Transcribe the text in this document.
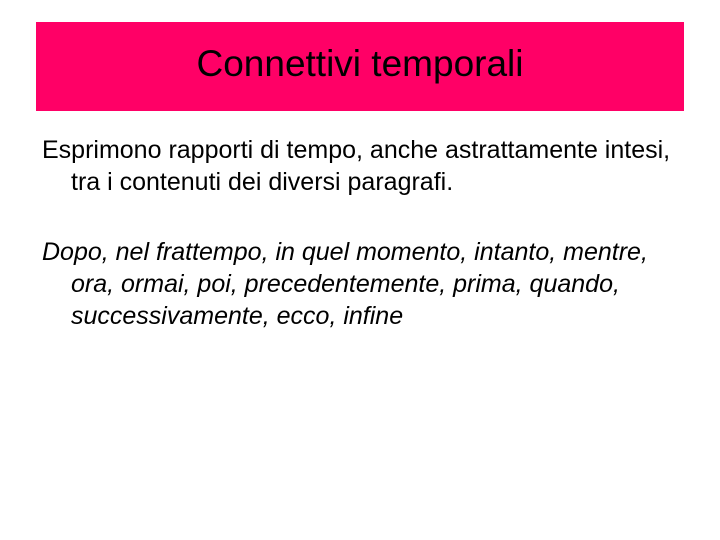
Connettivi temporali

Esprimono rapporti di tempo, anche astrattamente intesi, tra i contenuti dei diversi paragrafi.

Dopo, nel frattempo, in quel momento, intanto, mentre, ora, ormai, poi, precedentemente, prima, quando, successivamente, ecco, infine
